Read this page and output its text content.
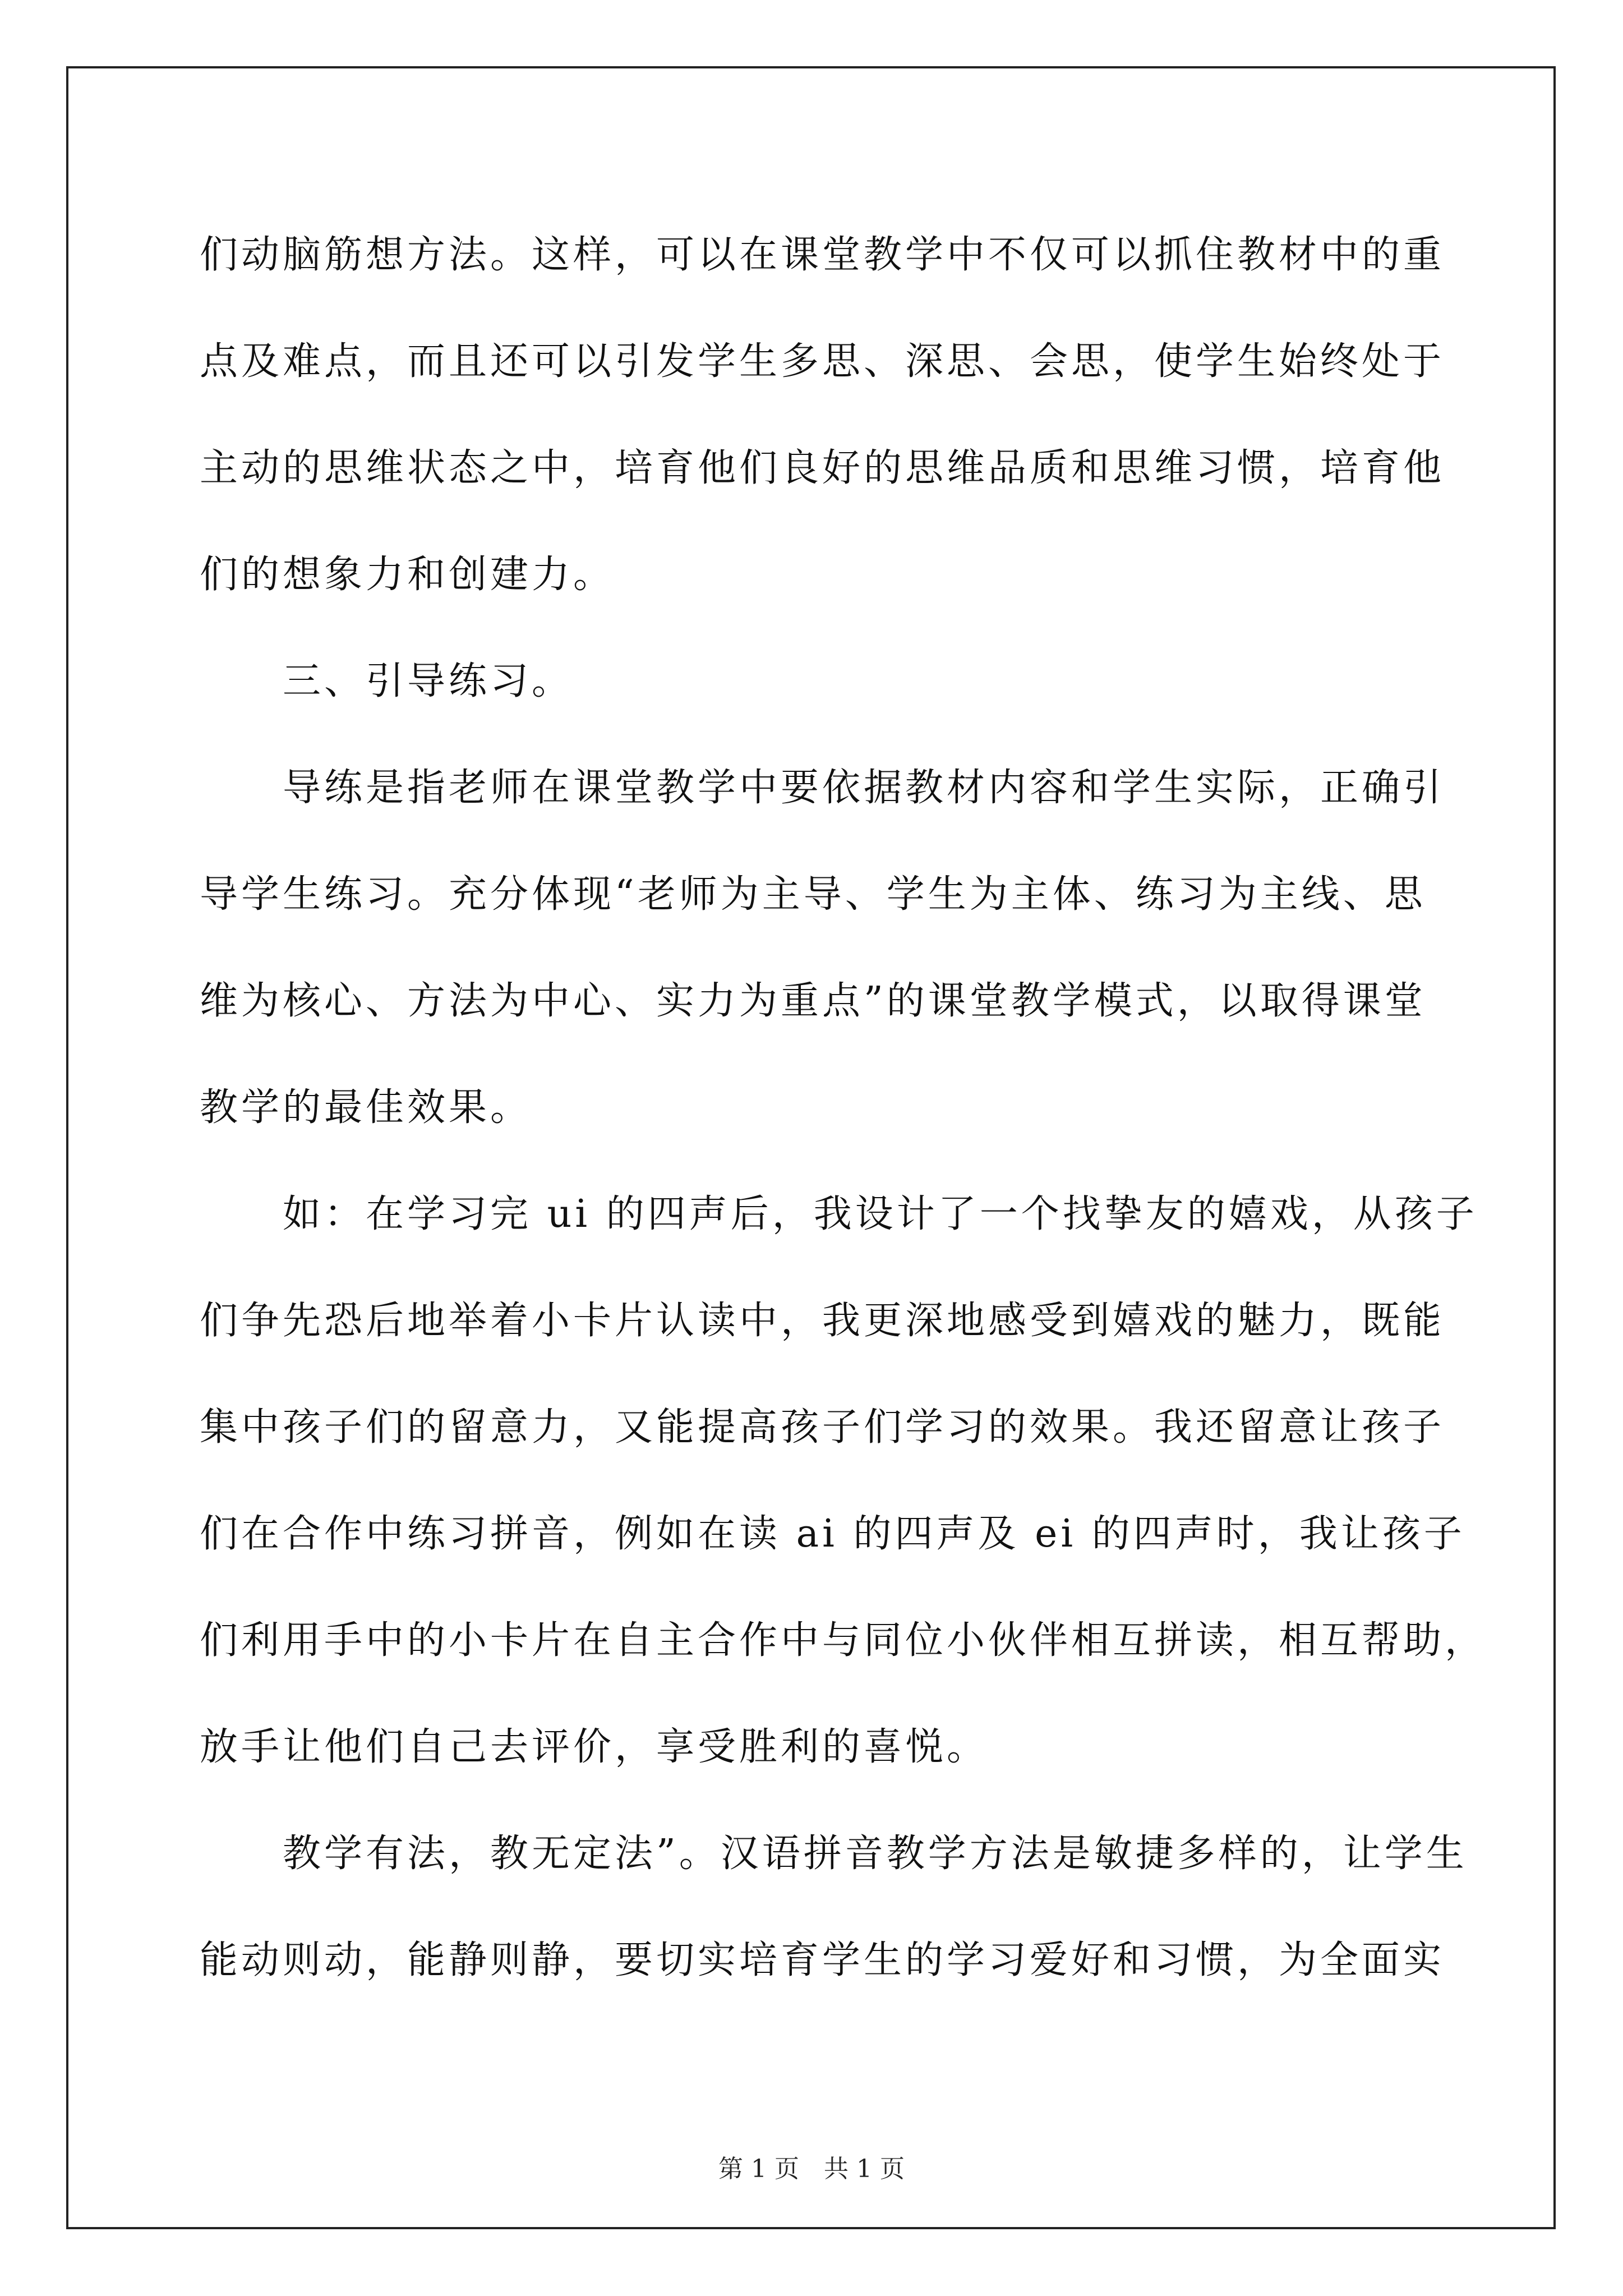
们动脑筋想方法。这样，可以在课堂教学中不仅可以抓住教材中的重
点及难点，而且还可以引发学生多思、深思、会思，使学生始终处于
主动的思维状态之中，培育他们良好的思维品质和思维习惯，培育他
们的想象力和创建力。
　　三、引导练习。
　　导练是指老师在课堂教学中要依据教材内容和学生实际，正确引
导学生练习。充分体现“老师为主导、学生为主体、练习为主线、思
维为核心、方法为中心、实力为重点”的课堂教学模式，以取得课堂
教学的最佳效果。
　　如：在学习完 ui 的四声后，我设计了一个找挚友的嬉戏，从孩子
们争先恐后地举着小卡片认读中，我更深地感受到嬉戏的魅力，既能
集中孩子们的留意力，又能提高孩子们学习的效果。我还留意让孩子
们在合作中练习拼音，例如在读 ai 的四声及 ei 的四声时，我让孩子
们利用手中的小卡片在自主合作中与同位小伙伴相互拼读，相互帮助，
放手让他们自己去评价，享受胜利的喜悦。
　　教学有法，教无定法”。汉语拼音教学方法是敏捷多样的，让学生
能动则动，能静则静，要切实培育学生的学习爱好和习惯，为全面实
第 1 页　共 1 页
